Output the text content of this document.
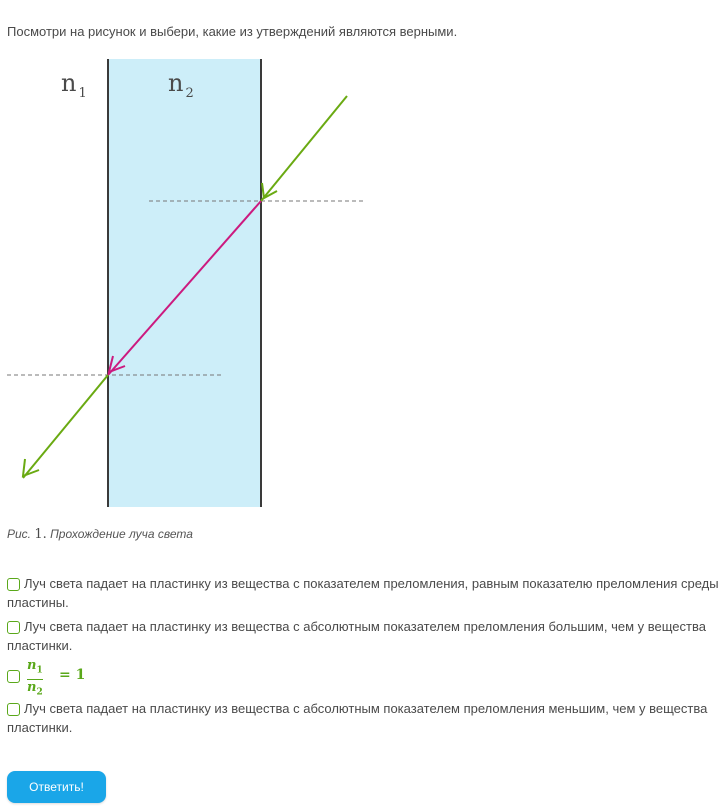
Посмотри на рисунок и выбери, какие из утверждений являются верными.
n $_1$	n $_2$
Рис. 1. Прохождение луча света
Луч света падает на пластинку из вещества с показателем преломления, равным показателю преломления среды пластины.
Луч света падает на пластинку из вещества с абсолютным показателем преломления большим, чем у вещества пластинки.
$n_1$
$n_2$
= 1
Луч света падает на пластинку из вещества с абсолютным показателем преломления меньшим, чем у вещества пластинки.
Ответить!
